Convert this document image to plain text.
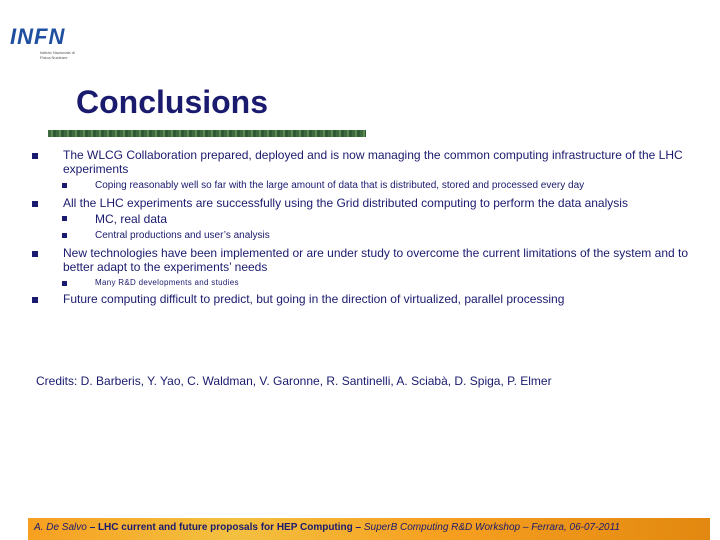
INFN
Istituto Nazionale di Fisica Nucleare
Conclusions
The WLCG Collaboration prepared, deployed and is now managing the common computing infrastructure of the LHC experiments
Coping reasonably well so far with the large amount of data that is distributed, stored and processed every day
All the LHC experiments are successfully using the Grid distributed computing to perform the data analysis
MC, real data
Central productions and user’s analysis
New technologies have been implemented or are under study to overcome the current limitations of the system and to better adapt to the experiments’ needs
Many R&D developments and studies
Future computing difficult to predict, but going in the direction of virtualized, parallel processing
Credits: D. Barberis, Y. Yao, C. Waldman, V. Garonne, R. Santinelli, A. Sciabà, D. Spiga, P. Elmer
A. De Salvo – LHC current and future proposals for HEP Computing – SuperB Computing R&D Workshop – Ferrara, 06-07-2011
